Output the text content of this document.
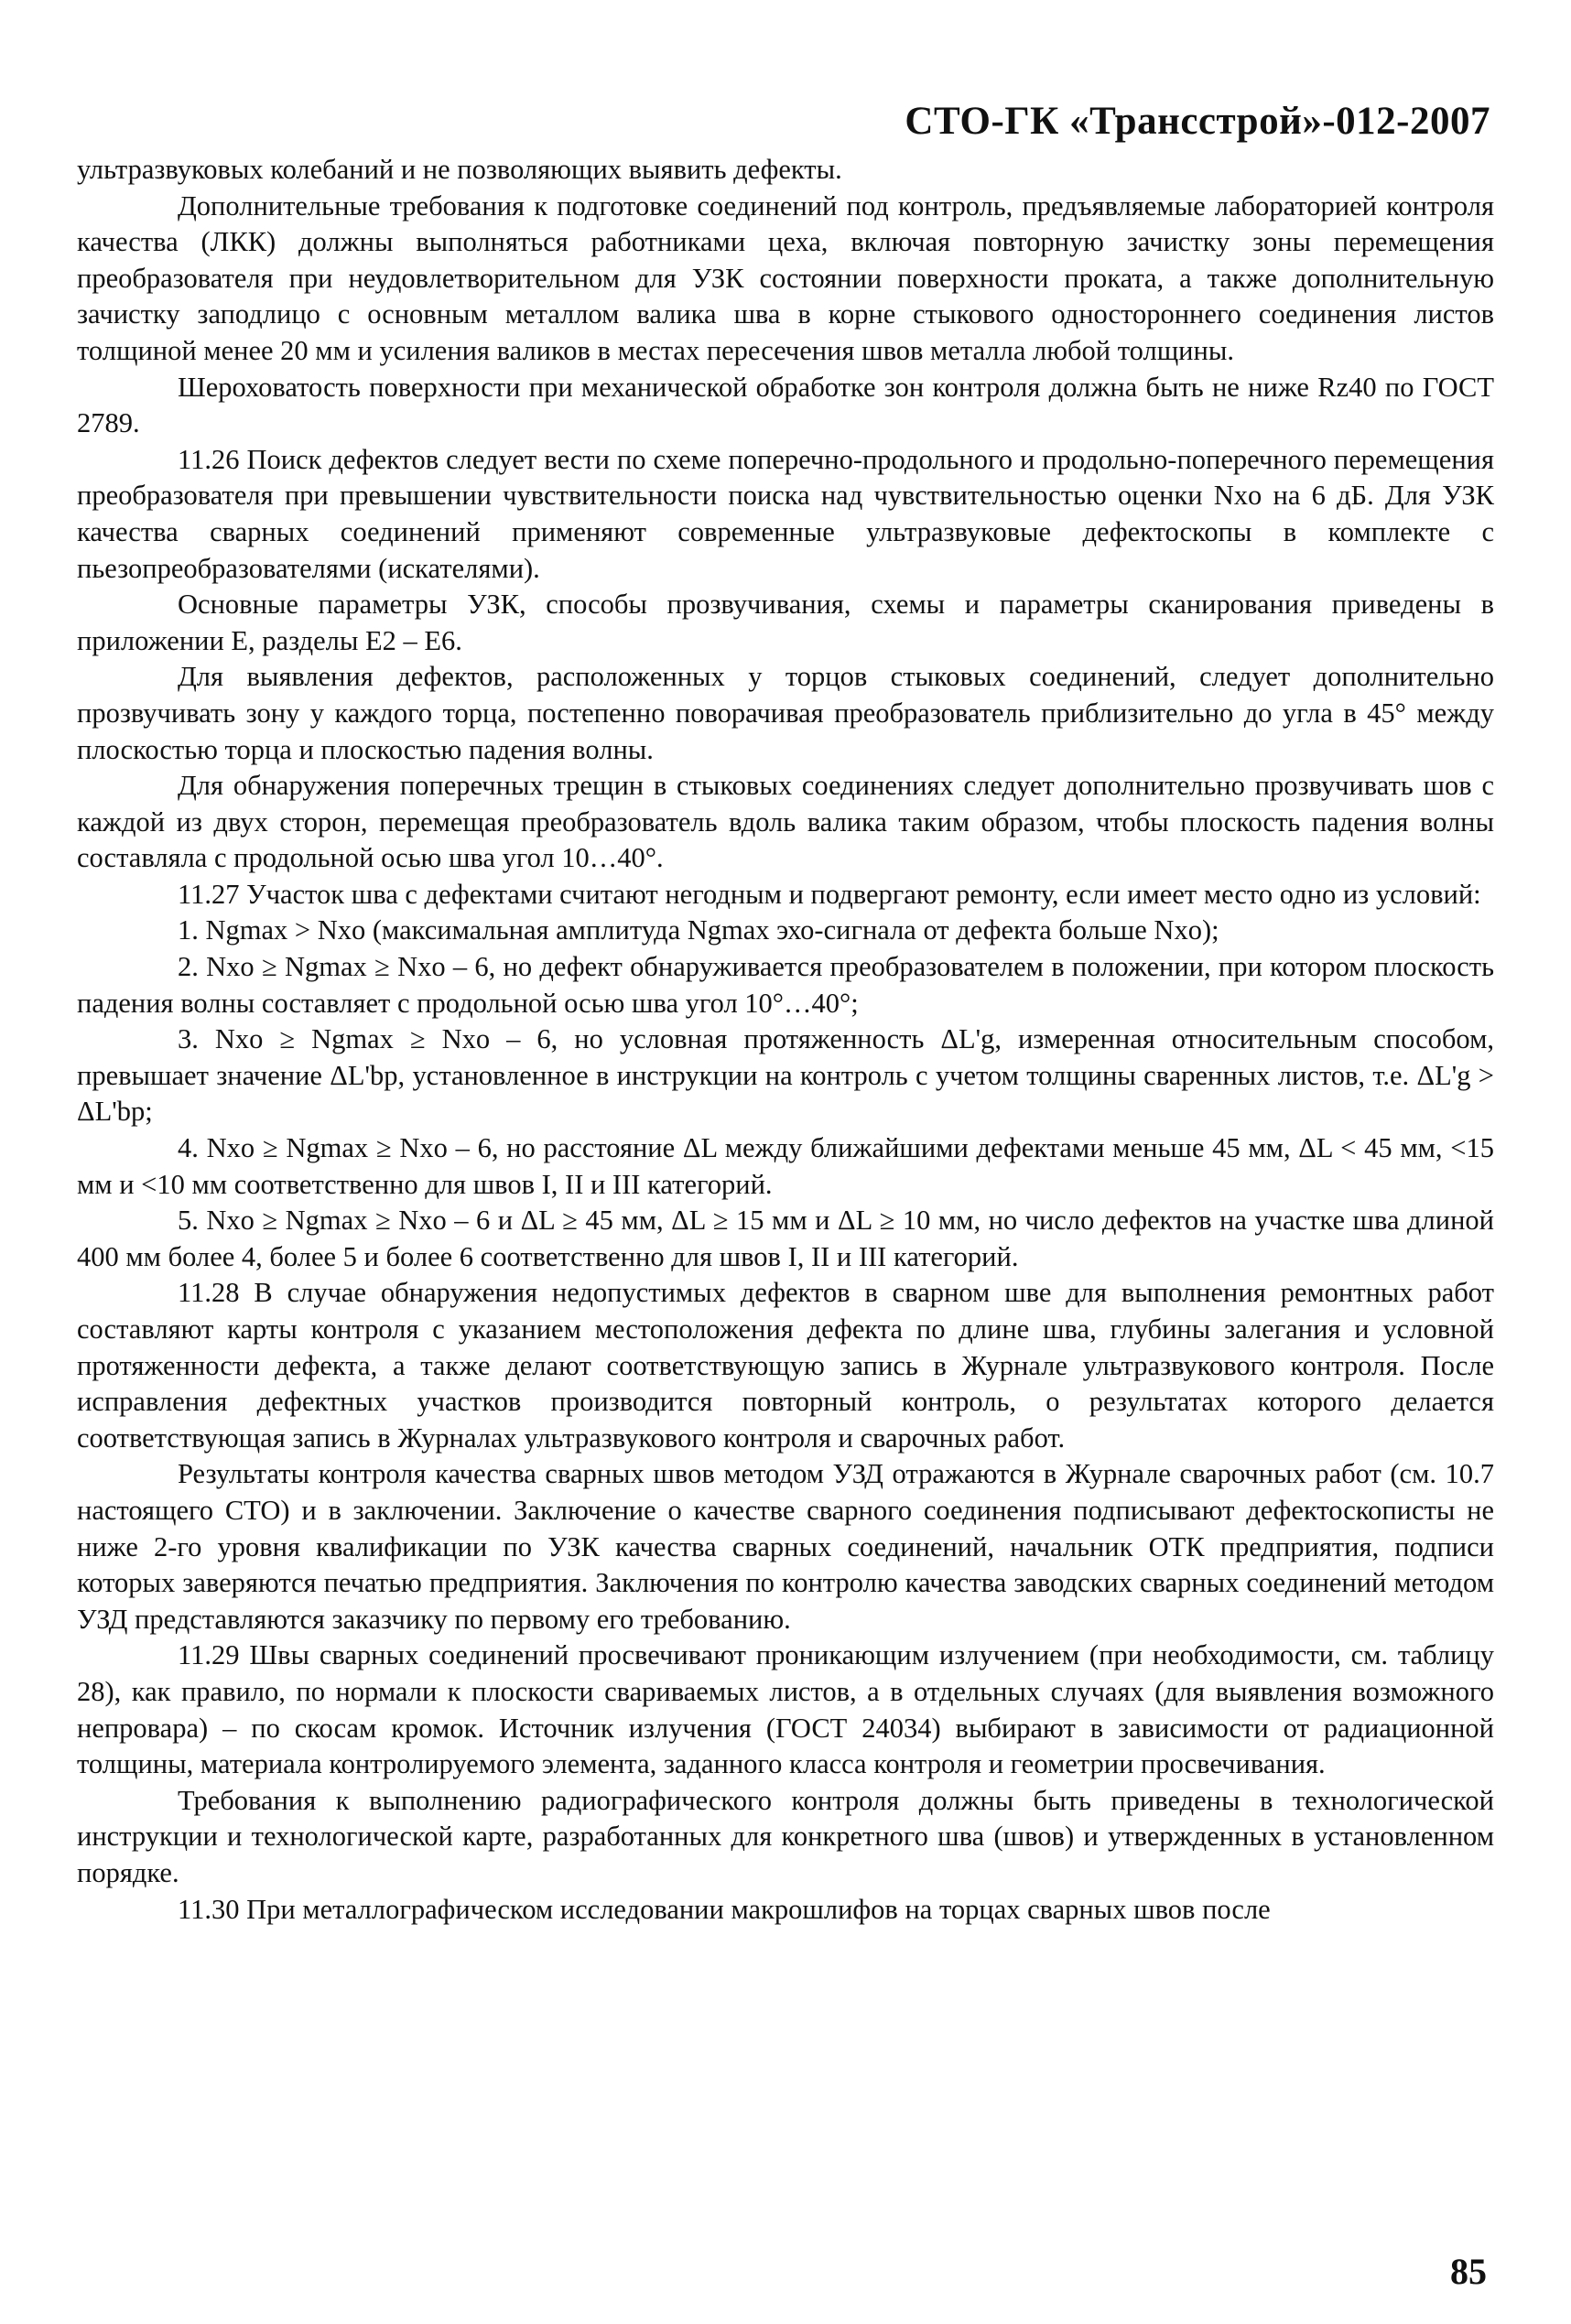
СТО-ГК «Трансстрой»-012-2007

ультразвуковых колебаний и не позволяющих выявить дефекты.

Дополнительные требования к подготовке соединений под контроль, предъявляемые лабораторией контроля качества (ЛКК) должны выполняться работниками цеха, включая повторную зачистку зоны перемещения преобразователя при неудовлетворительном для УЗК состоянии поверхности проката, а также дополнительную зачистку заподлицо с основным металлом валика шва в корне стыкового одностороннего соединения листов толщиной менее 20 мм и усиления валиков в местах пересечения швов металла любой толщины.

Шероховатость поверхности при механической обработке зон контроля должна быть не ниже Rz40 по ГОСТ 2789.

11.26 Поиск дефектов следует вести по схеме поперечно-продольного и продольно-поперечного перемещения преобразователя при превышении чувствительности поиска над чувствительностью оценки Nxo на 6 дБ. Для УЗК качества сварных соединений применяют современные ультразвуковые дефектоскопы в комплекте с пьезопреобразователями (искателями).

Основные параметры УЗК, способы прозвучивания, схемы и параметры сканирования приведены в приложении Е, разделы Е2 – Е6.

Для выявления дефектов, расположенных у торцов стыковых соединений, следует дополнительно прозвучивать зону у каждого торца, постепенно поворачивая преобразователь приблизительно до угла в 45° между плоскостью торца и плоскостью падения волны.

Для обнаружения поперечных трещин в стыковых соединениях следует дополнительно прозвучивать шов с каждой из двух сторон, перемещая преобразователь вдоль валика таким образом, чтобы плоскость падения волны составляла с продольной осью шва угол 10…40°.

11.27 Участок шва с дефектами считают негодным и подвергают ремонту, если имеет место одно из условий:

1. Ngmax > Nxo (максимальная амплитуда Ngmax эхо-сигнала от дефекта больше Nxo);

2. Nxo ≥ Ngmax ≥ Nxo – 6, но дефект обнаруживается преобразователем в положении, при котором плоскость падения волны составляет с продольной осью шва угол 10°…40°;

3. Nxo ≥ Ngmax ≥ Nxo – 6, но условная протяженность ΔL'g, измеренная относительным способом, превышает значение ΔL'bp, установленное в инструкции на контроль с учетом толщины сваренных листов, т.е. ΔL'g > ΔL'bp;

4. Nxo ≥ Ngmax ≥ Nxo – 6, но расстояние ΔL между ближайшими дефектами меньше 45 мм, ΔL < 45 мм, <15 мм и <10 мм соответственно для швов I, II и III категорий.

5. Nxo ≥ Ngmax ≥ Nxo – 6 и ΔL ≥ 45 мм, ΔL ≥ 15 мм и ΔL ≥ 10 мм, но число дефектов на участке шва длиной 400 мм более 4, более 5 и более 6 соответственно для швов I, II и III категорий.

11.28 В случае обнаружения недопустимых дефектов в сварном шве для выполнения ремонтных работ составляют карты контроля с указанием местоположения дефекта по длине шва, глубины залегания и условной протяженности дефекта, а также делают соответствующую запись в Журнале ультразвукового контроля. После исправления дефектных участков производится повторный контроль, о результатах которого делается соответствующая запись в Журналах ультразвукового контроля и сварочных работ.

Результаты контроля качества сварных швов методом УЗД отражаются в Журнале сварочных работ (см. 10.7 настоящего СТО) и в заключении. Заключение о качестве сварного соединения подписывают дефектоскописты не ниже 2-го уровня квалификации по УЗК качества сварных соединений, начальник ОТК предприятия, подписи которых заверяются печатью предприятия. Заключения по контролю качества заводских сварных соединений методом УЗД представляются заказчику по первому его требованию.

11.29 Швы сварных соединений просвечивают проникающим излучением (при необходимости, см. таблицу 28), как правило, по нормали к плоскости свариваемых листов, а в отдельных случаях (для выявления возможного непровара) – по скосам кромок. Источник излучения (ГОСТ 24034) выбирают в зависимости от радиационной толщины, материала контролируемого элемента, заданного класса контроля и геометрии просвечивания.

Требования к выполнению радиографического контроля должны быть приведены в технологической инструкции и технологической карте, разработанных для конкретного шва (швов) и утвержденных в установленном порядке.

11.30 При металлографическом исследовании макрошлифов на торцах сварных швов после

85
